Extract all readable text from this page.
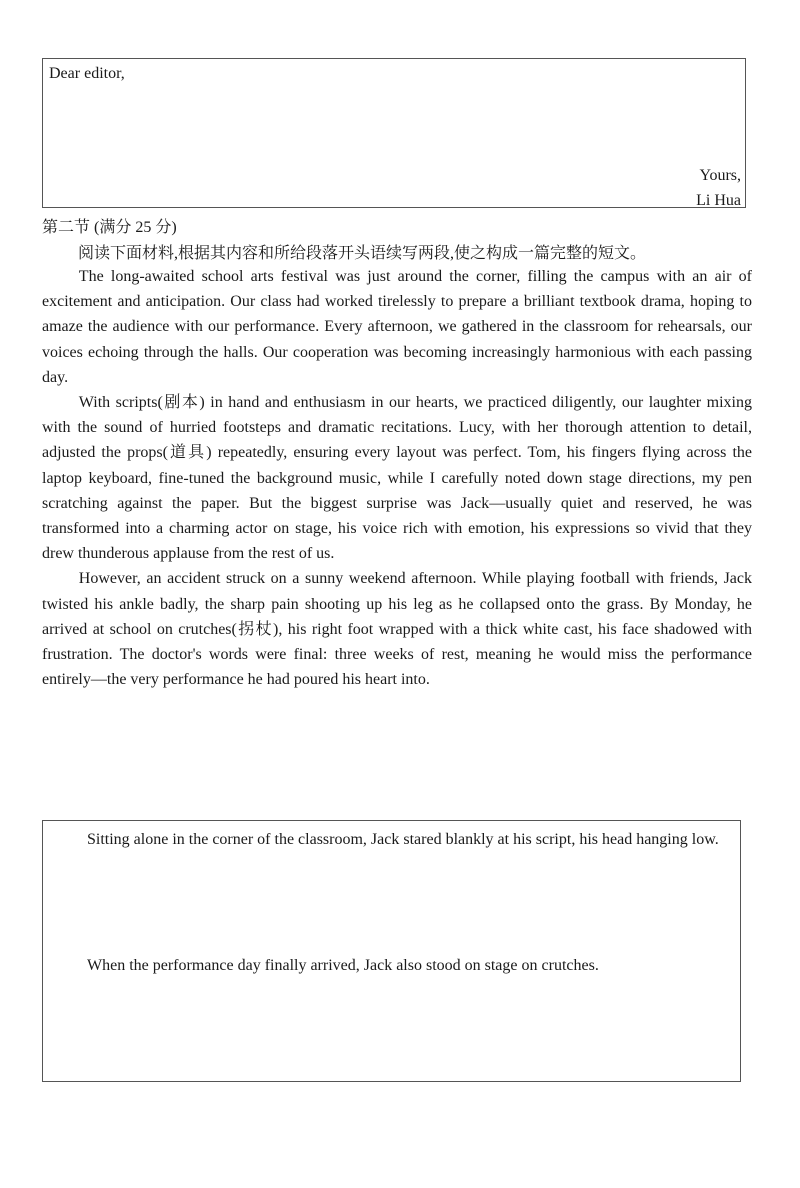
Dear editor,
Yours,
Li Hua
第二节 (满分 25 分)
阅读下面材料,根据其内容和所给段落开头语续写两段,使之构成一篇完整的短文。

The long-awaited school arts festival was just around the corner, filling the campus with an air of excitement and anticipation. Our class had worked tirelessly to prepare a brilliant textbook drama, hoping to amaze the audience with our performance. Every afternoon, we gathered in the classroom for rehearsals, our voices echoing through the halls. Our cooperation was becoming increasingly harmonious with each passing day.

With scripts(剧本) in hand and enthusiasm in our hearts, we practiced diligently, our laughter mixing with the sound of hurried footsteps and dramatic recitations. Lucy, with her thorough attention to detail, adjusted the props(道具) repeatedly, ensuring every layout was perfect. Tom, his fingers flying across the laptop keyboard, fine-tuned the background music, while I carefully noted down stage directions, my pen scratching against the paper. But the biggest surprise was Jack—usually quiet and reserved, he was transformed into a charming actor on stage, his voice rich with emotion, his expressions so vivid that they drew thunderous applause from the rest of us.

However, an accident struck on a sunny weekend afternoon. While playing football with friends, Jack twisted his ankle badly, the sharp pain shooting up his leg as he collapsed onto the grass. By Monday, he arrived at school on crutches(拐杖), his right foot wrapped with a thick white cast, his face shadowed with frustration. The doctor's words were final: three weeks of rest, meaning he would miss the performance entirely—the very performance he had poured his heart into.

Sitting alone in the corner of the classroom, Jack stared blankly at his script, his head hanging low.

When the performance day finally arrived, Jack also stood on stage on crutches.
